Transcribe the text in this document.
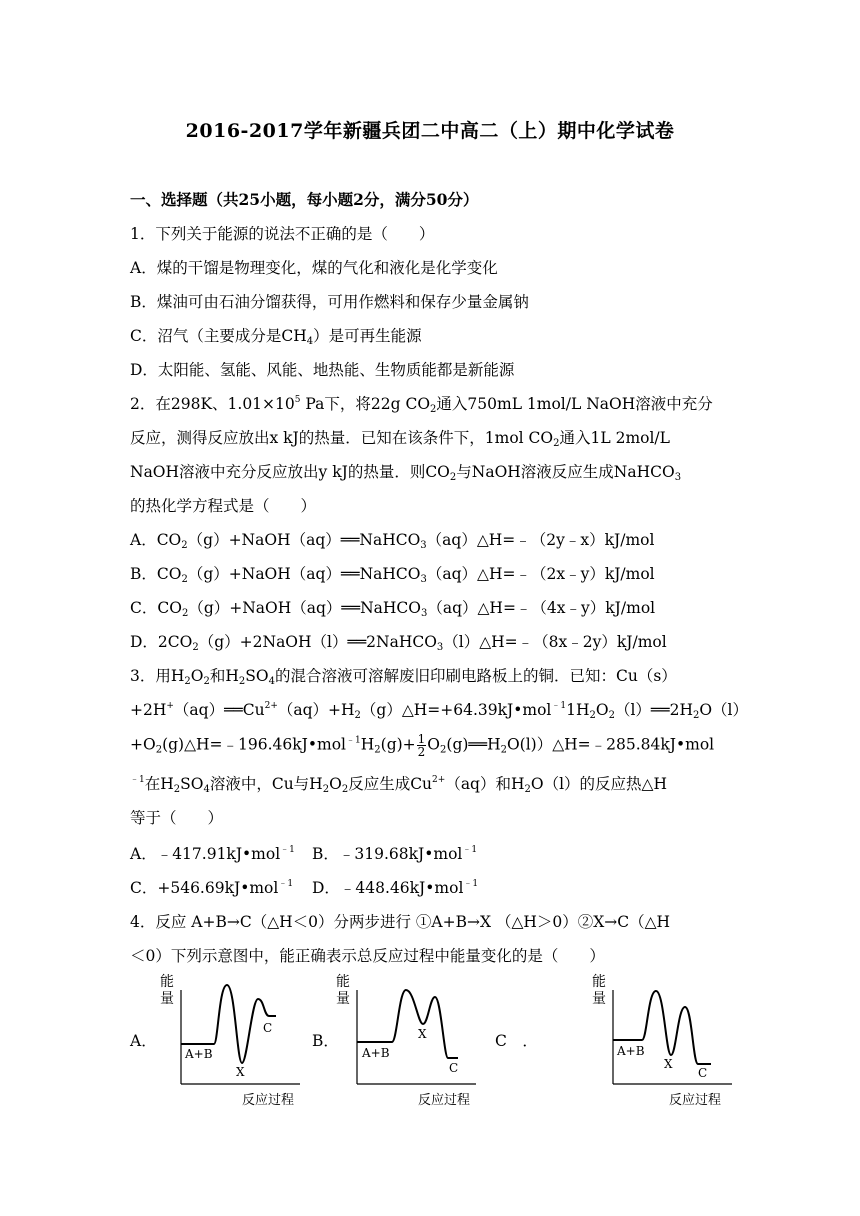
2016-2017学年新疆兵团二中高二（上）期中化学试卷
一、选择题（共25小题，每小题2分，满分50分）
1．下列关于能源的说法不正确的是（　　）
A．煤的干馏是物理变化，煤的气化和液化是化学变化
B．煤油可由石油分馏获得，可用作燃料和保存少量金属钠
C．沼气（主要成分是$CH_4$）是可再生能源
D．太阳能、氢能、风能、地热能、生物质能都是新能源
2．在298K、$1.01\times 10^5$ Pa下，将22g $CO_2$通入750mL 1mol/L NaOH溶液中充分
反应，测得反应放出x kJ的热量．已知在该条件下，1mol $CO_2$通入1L 2mol/L
NaOH溶液中充分反应放出y kJ的热量．则$CO_2$与NaOH溶液反应生成NaHCO$_3$
的热化学方程式是（　　）
A．$CO_2(g)+NaOH(aq)══NaHCO_3(aq)\triangle H=﹣(2y﹣x)kJ$/mol
B．$CO_2(g)+NaOH(aq)══NaHCO_3(aq)\triangle H=﹣(2x﹣y)kJ$/mol
C．$CO_2(g)+NaOH(aq)══NaHCO_3(aq)\triangle H=﹣(4x﹣y)kJ$/mol
D．$2CO_2(g)+2NaOH(l)══2NaHCO_3(l)\triangle H=﹣(8x﹣2y)kJ$/mol
3．用$H_2O_2$和$H_2SO_4$的混合溶液可溶解废旧印刷电路板上的铜．已知：Cu（s）
$+2H^+(aq)══Cu^{2+}(aq)+H_2(g)\triangle H=+64.39kJ•mol^{﹣1}1H_2O_2(l)══2H_2O(l)$
$+O_2(g)\triangle H=﹣196.46kJ•mol^{﹣1}H_2(g)+ \frac{1}{2}$ $O_2(g)══H_2O(l))\triangle H=﹣285.84kJ•mol$
$^{﹣1}$在$H_2SO_4$溶液中，Cu与$H_2O_2$反应生成$Cu^{2+}(aq)$和$H_2O(l)$的反应热△H
等于（　　）
A．﹣417.91kJ•mol$^{﹣1}$ B．﹣319.68kJ•mol$^{﹣1}$
C．+546.69kJ•mol$^{﹣1}$ D．﹣448.46kJ•mol$^{﹣1}$
4．反应 A+B→C（△H＜0）分两步进行 ①A+B→X （△H＞0）②X→C（△H
＜0）下列示意图中，能正确表示总反应过程中能量变化的是（　　）
A．	B．	C　．
能
量
A+B
X
C
反应过程
能
量
A+B
X
C
反应过程
能
量
A+B
X
C
反应过程
